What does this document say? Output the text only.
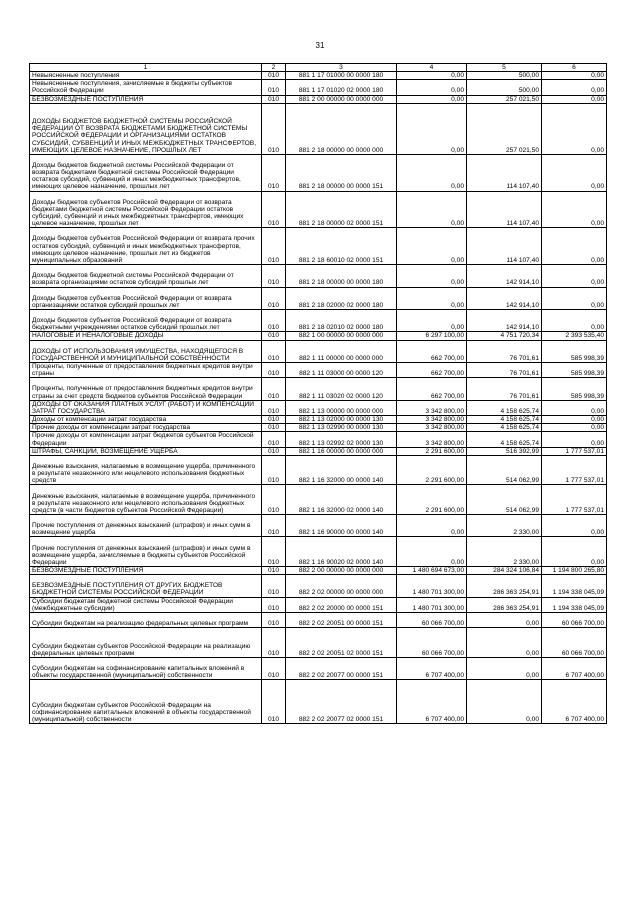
31
1	2	3	4	5	6
Невыясненные поступления	010	881 1 17 01000 00 0000 180	0,00	500,00	0,00
Невыясненные поступления, зачисляемые в бюджеты субъектов Российской Федерации	010	881 1 17 01020 02 0000 180	0,00	500,00	0,00
БЕЗВОЗМЕЗДНЫЕ ПОСТУПЛЕНИЯ	010	881 2 00 00000 00 0000 000	0,00	257 021,50	0,00
ДОХОДЫ БЮДЖЕТОВ БЮДЖЕТНОЙ СИСТЕМЫ РОССИЙСКОЙ ФЕДЕРАЦИИ ОТ ВОЗВРАТА БЮДЖЕТАМИ БЮДЖЕТНОЙ СИСТЕМЫ РОССИЙСКОЙ ФЕДЕРАЦИИ И ОРГАНИЗАЦИЯМИ ОСТАТКОВ СУБСИДИЙ, СУБВЕНЦИЙ И ИНЫХ МЕЖБЮДЖЕТНЫХ ТРАНСФЕРТОВ, ИМЕЮЩИХ ЦЕЛЕВОЕ НАЗНАЧЕНИЕ, ПРОШЛЫХ ЛЕТ	010	881 2 18 00000 00 0000 000	0,00	257 021,50	0,00
Доходы бюджетов бюджетной системы Российской Федерации от возврата бюджетами бюджетной системы Российской Федерации остатков субсидий, субвенций и иных межбюджетных трансфертов, имеющих целевое назначение, прошлых лет	010	881 2 18 00000 00 0000 151	0,00	114 107,40	0,00
Доходы бюджетов субъектов Российской Федерации от возврата бюджетами бюджетной системы Российской Федерации остатков субсидий, субвенций и иных межбюджетных трансфертов, имеющих целевое назначение, прошлых лет	010	881 2 18 00000 02 0000 151	0,00	114 107,40	0,00
Доходы бюджетов субъектов Российской Федерации от возврата прочих остатков субсидий, субвенций и иных межбюджетных трансфертов, имеющих целевое назначение, прошлых лет из бюджетов муниципальных образований	010	881 2 18 60010 02 0000 151	0,00	114 107,40	0,00
Доходы бюджетов бюджетной системы Российской Федерации от возврата организациями остатков субсидий прошлых лет	010	881 2 18 00000 00 0000 180	0,00	142 914,10	0,00
Доходы бюджетов субъектов Российской Федерации от возврата организациями остатков субсидий прошлых лет	010	881 2 18 02000 02 0000 180	0,00	142 914,10	0,00
Доходы бюджетов субъектов Российской Федерации от возврата бюджетными учреждениями остатков субсидий прошлых лет	010	881 2 18 02010 02 0000 180	0,00	142 914,10	0,00
НАЛОГОВЫЕ И НЕНАЛОГОВЫЕ ДОХОДЫ	010	882 1 00 00000 00 0000 000	6 297 100,00	4 751 720,34	2 393 535,40
ДОХОДЫ ОТ ИСПОЛЬЗОВАНИЯ ИМУЩЕСТВА, НАХОДЯЩЕГОСЯ В ГОСУДАРСТВЕННОЙ И МУНИЦИПАЛЬНОЙ СОБСТВЕННОСТИ	010	882 1 11 00000 00 0000 000	662 700,00	76 701,61	585 998,39
Проценты, полученные от предоставления бюджетных кредитов внутри страны	010	882 1 11 03000 00 0000 120	662 700,00	76 701,61	585 998,39
Проценты, полученные от предоставления бюджетных кредитов внутри страны за счет средств бюджетов субъектов Российской Федерации	010	882 1 11 03020 02 0000 120	662 700,00	76 701,61	585 998,39
ДОХОДЫ ОТ ОКАЗАНИЯ ПЛАТНЫХ УСЛУГ (РАБОТ) И КОМПЕНСАЦИИ ЗАТРАТ ГОСУДАРСТВА	010	882 1 13 00000 00 0000 000	3 342 800,00	4 158 625,74	0,00
Доходы от компенсации затрат государства	010	882 1 13 02000 00 0000 130	3 342 800,00	4 158 625,74	0,00
Прочие доходы от компенсации затрат государства	010	882 1 13 02990 00 0000 130	3 342 800,00	4 158 625,74	0,00
Прочие доходы от компенсации затрат бюджетов субъектов Российской Федерации	010	882 1 13 02992 02 0000 130	3 342 800,00	4 158 625,74	0,00
ШТРАФЫ, САНКЦИИ, ВОЗМЕЩЕНИЕ УЩЕРБА	010	882 1 16 00000 00 0000 000	2 291 600,00	516 392,99	1 777 537,01
Денежные взыскания, налагаемые в возмещение ущерба, причиненного в результате незаконного или нецелевого использования бюджетных средств	010	882 1 16 32000 00 0000 140	2 291 600,00	514 062,99	1 777 537,01
Денежные взыскания, налагаемые в возмещение ущерба, причиненного в результате незаконного или нецелевого использования бюджетных средств (в части бюджетов субъектов Российской Федерации)	010	882 1 16 32000 02 0000 140	2 291 600,00	514 062,99	1 777 537,01
Прочие поступления от денежных взысканий (штрафов) и иных сумм в возмещение ущерба	010	882 1 16 90000 00 0000 140	0,00	2 330,00	0,00
Прочие поступления от денежных взысканий (штрафов) и иных сумм в возмещение ущерба, зачисляемые в бюджеты субъектов Российской Федерации	010	882 1 16 90020 02 0000 140	0,00	2 330,00	0,00
БЕЗВОЗМЕЗДНЫЕ ПОСТУПЛЕНИЯ	010	882 2 00 00000 00 0000 000	1 480 694 673,00	284 324 106,84	1 194 800 265,80
БЕЗВОЗМЕЗДНЫЕ ПОСТУПЛЕНИЯ ОТ ДРУГИХ БЮДЖЕТОВ БЮДЖЕТНОЙ СИСТЕМЫ РОССИЙСКОЙ ФЕДЕРАЦИИ	010	882 2 02 00000 00 0000 000	1 480 701 300,00	286 363 254,91	1 194 338 045,09
Субсидии бюджетам бюджетной системы Российской Федерации (межбюджетные субсидии)	010	882 2 02 20000 00 0000 151	1 480 701 300,00	286 363 254,91	1 194 338 045,09
Субсидии бюджетам на реализацию федеральных целевых программ	010	882 2 02 20051 00 0000 151	60 066 700,00	0,00	60 066 700,00
Субсидии бюджетам субъектов Российской Федерации на реализацию федеральных целевых программ	010	882 2 02 20051 02 0000 151	60 066 700,00	0,00	60 066 700,00
Субсидии бюджетам на софинансирование капитальных вложений в объекты государственной (муниципальной) собственности	010	882 2 02 20077 00 0000 151	6 707 400,00	0,00	6 707 400,00
Субсидии бюджетам субъектов Российской Федерации на софинансирование капитальных вложений в объекты государственной (муниципальной) собственности	010	882 2 02 20077 02 0000 151	6 707 400,00	0,00	6 707 400,00
